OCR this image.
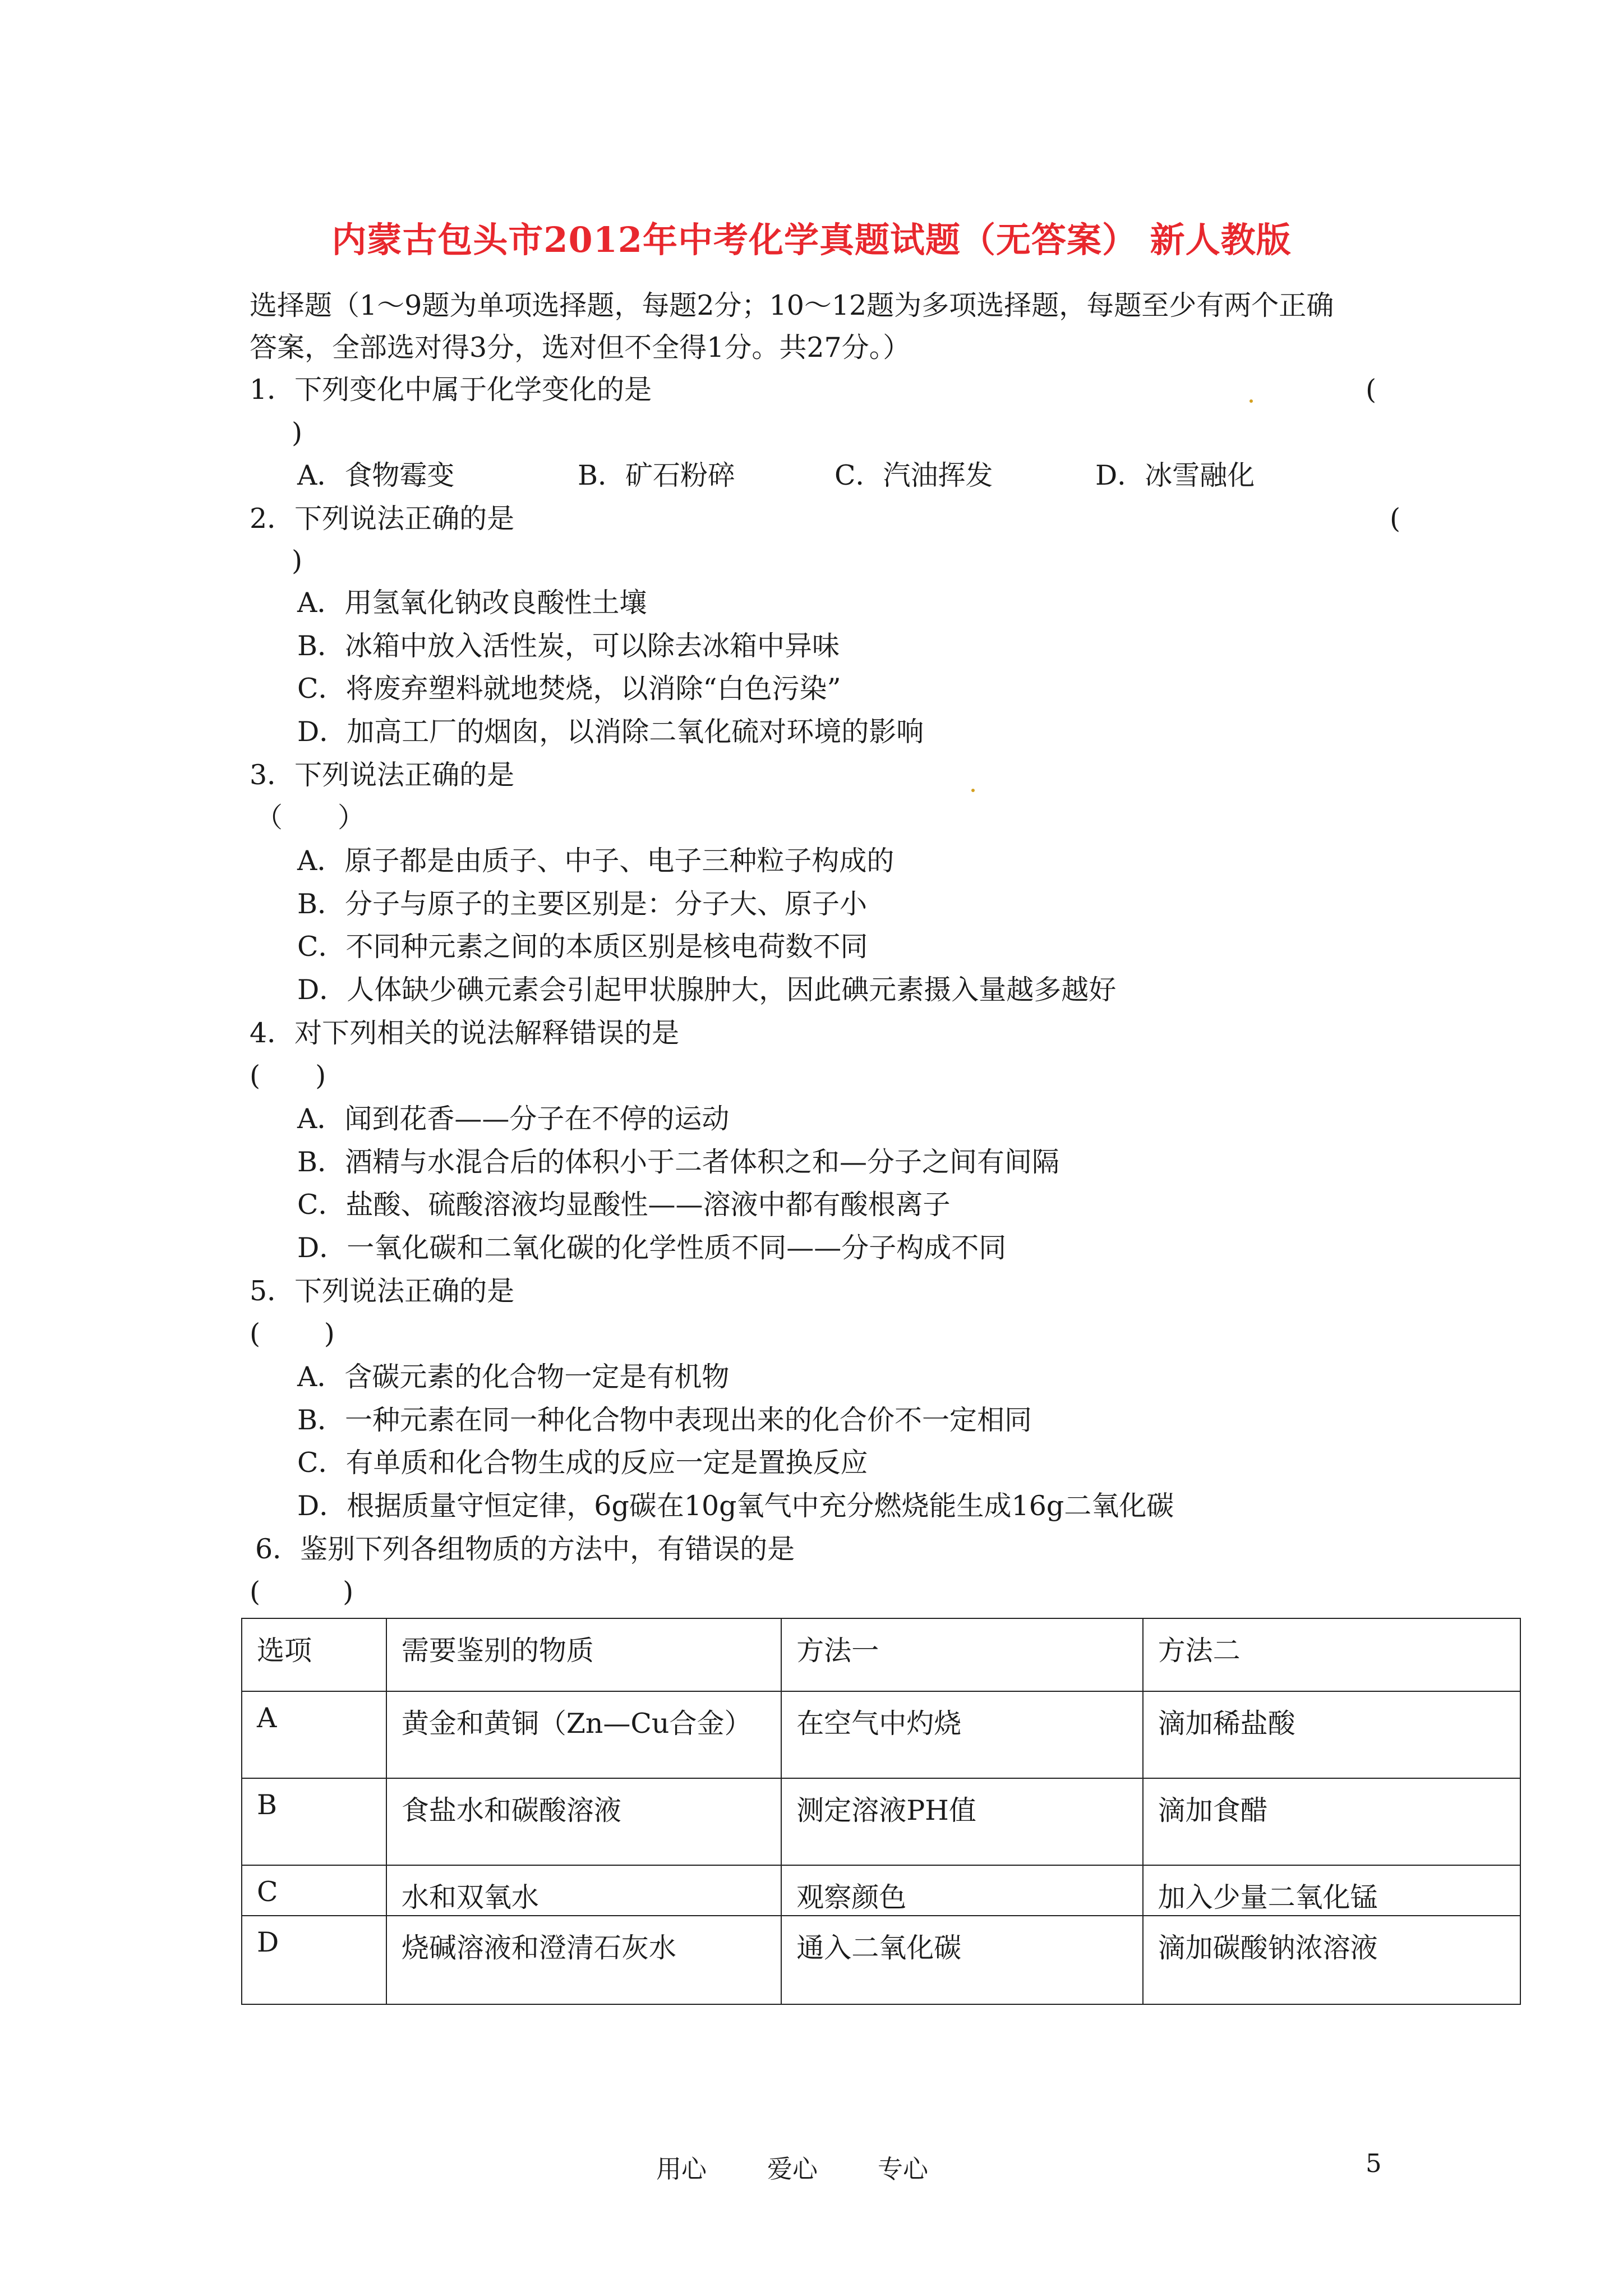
内蒙古包头市2012年中考化学真题试题（无答案） 新人教版
选择题（1～9题为单项选择题，每题2分；10～12题为多项选择题，每题至少有两个正确
答案，全部选对得3分，选对但不全得1分。共27分。）
1．下列变化中属于化学变化的是	(
)
A．食物霉变	B．矿石粉碎	C．汽油挥发	D．冰雪融化
2．下列说法正确的是	(
)
A．用氢氧化钠改良酸性土壤
B．冰箱中放入活性炭，可以除去冰箱中异味
C．将废弃塑料就地焚烧，以消除“白色污染”
D．加高工厂的烟囱，以消除二氧化硫对环境的影响
3．下列说法正确的是
（　　）
A．原子都是由质子、中子、电子三种粒子构成的
B．分子与原子的主要区别是：分子大、原子小
C．不同种元素之间的本质区别是核电荷数不同
D．人体缺少碘元素会引起甲状腺肿大，因此碘元素摄入量越多越好
4．对下列相关的说法解释错误的是
(　　)
A．闻到花香——分子在不停的运动
B．酒精与水混合后的体积小于二者体积之和—分子之间有间隔
C．盐酸、硫酸溶液均显酸性——溶液中都有酸根离子
D．一氧化碳和二氧化碳的化学性质不同——分子构成不同
5．下列说法正确的是
(　　 )
A．含碳元素的化合物一定是有机物
B．一种元素在同一种化合物中表现出来的化合价不一定相同
C．有单质和化合物生成的反应一定是置换反应
D．根据质量守恒定律，6g碳在10g氧气中充分燃烧能生成16g二氧化碳
6．鉴别下列各组物质的方法中，有错误的是
(　　　)
选项	需要鉴别的物质	方法一	方法二
A	黄金和黄铜（Zn—Cu合金）	在空气中灼烧	滴加稀盐酸
B	食盐水和碳酸溶液	测定溶液PH值	滴加食醋
C	水和双氧水	观察颜色	加入少量二氧化锰
D	烧碱溶液和澄清石灰水	通入二氧化碳	滴加碳酸钠浓溶液
用心 爱心 专心	5
